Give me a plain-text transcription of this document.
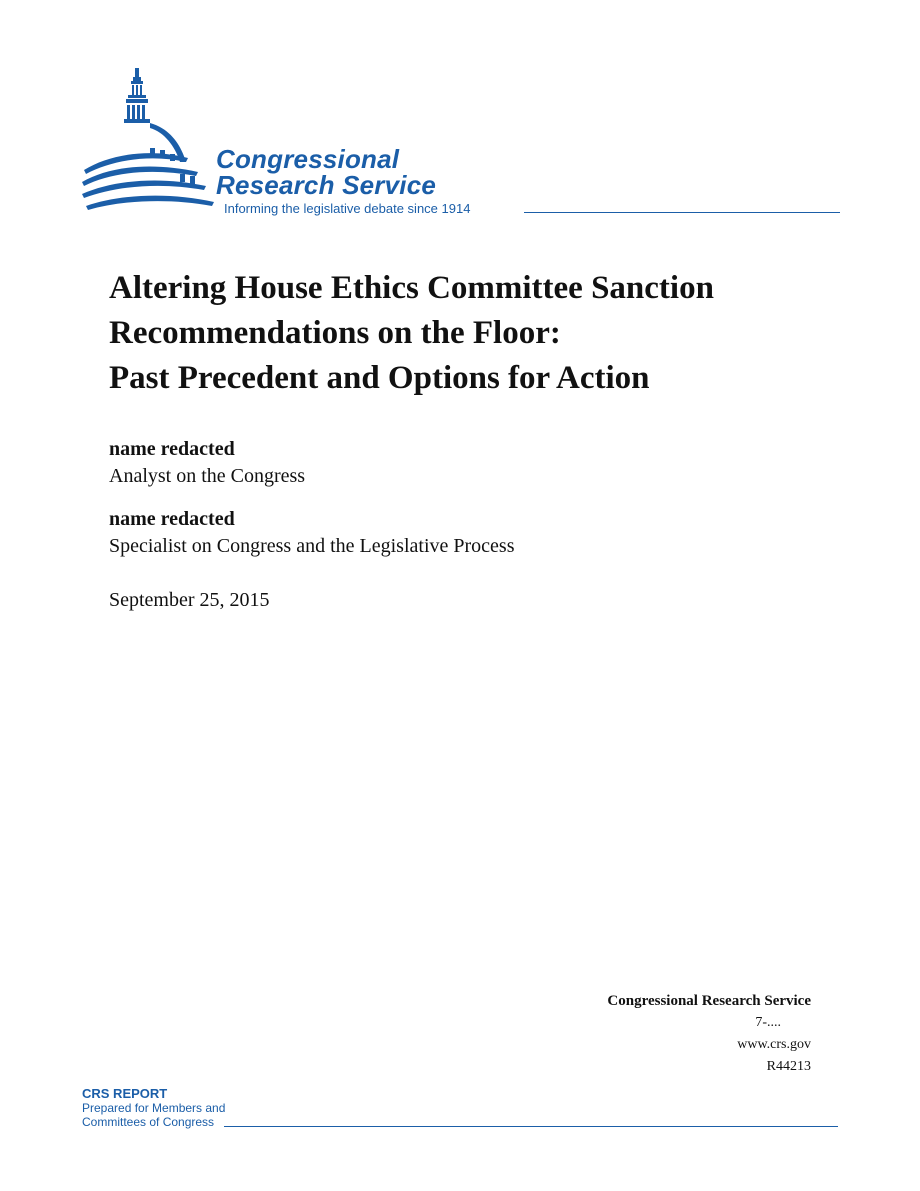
Congressional
Research Service
Informing the legislative debate since 1914
Altering House Ethics Committee Sanction
Recommendations on the Floor:
Past Precedent and Options for Action
name redacted
Analyst on the Congress
name redacted
Specialist on Congress and the Legislative Process
September 25, 2015
Congressional Research Service
7-....
www.crs.gov
R44213
CRS REPORT
Prepared for Members and
Committees of Congress
